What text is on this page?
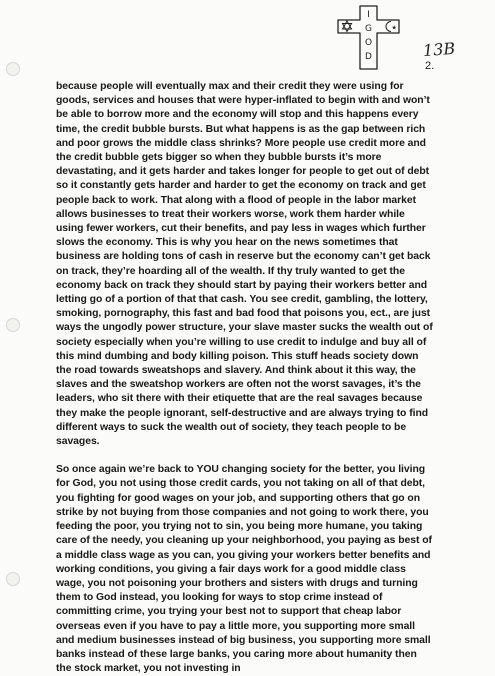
★
I
G
O
D	13B
2.

because people will eventually max and their credit they were using for goods, services and houses that were hyper-inflated to begin with and won’t be able to borrow more and the economy will stop and this happens every time, the credit bubble bursts. But what happens is as the gap between rich and poor grows the middle class shrinks? More people use credit more and the credit bubble gets bigger so when they bubble bursts it’s more devastating, and it gets harder and takes longer for people to get out of debt so it constantly gets harder and harder to get the economy on track and get people back to work. That along with a flood of people in the labor market allows businesses to treat their workers worse, work them harder while using fewer workers, cut their benefits, and pay less in wages which further slows the economy. This is why you hear on the news sometimes that business are holding tons of cash in reserve but the economy can’t get back on track, they’re hoarding all of the wealth. If thy truly wanted to get the economy back on track they should start by paying their workers better and letting go of a portion of that that cash. You see credit, gambling, the lottery, smoking, pornography, this fast and bad food that poisons you, ect., are just ways the ungodly power structure, your slave master sucks the wealth out of society especially when you’re willing to use credit to indulge and buy all of this mind dumbing and body killing poison. This stuff heads society down the road towards sweatshops and slavery. And think about it this way, the slaves and the sweatshop workers are often not the worst savages, it’s the leaders, who sit there with their etiquette that are the real savages because they make the people ignorant, self-destructive and are always trying to find different ways to suck the wealth out of society, they teach people to be savages.

So once again we’re back to YOU changing society for the better, you living for God, you not using those credit cards, you not taking on all of that debt, you fighting for good wages on your job, and supporting others that go on strike by not buying from those companies and not going to work there, you feeding the poor, you trying not to sin, you being more humane, you taking care of the needy, you cleaning up your neighborhood, you paying as best of a middle class wage as you can, you giving your workers better benefits and working conditions, you giving a fair days work for a good middle class wage, you not poisoning your brothers and sisters with drugs and turning them to God instead, you looking for ways to stop crime instead of committing crime, you trying your best not to support that cheap labor overseas even if you have to pay a little more, you supporting more small and medium businesses instead of big business, you supporting more small banks instead of these large banks, you caring more about humanity then the stock market, you not investing in
